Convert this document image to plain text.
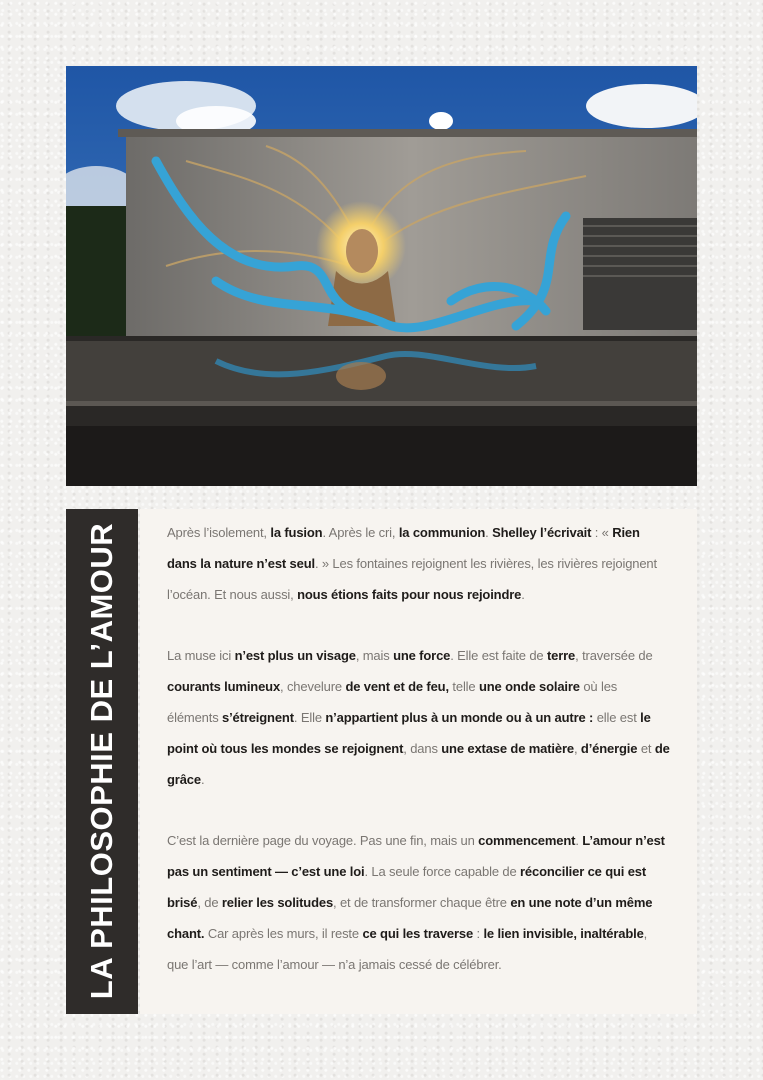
LA PHILOSOPHIE DE L’AMOUR	Après l’isolement, la fusion. Après le cri, la communion. Shelley l’écrivait : « Rien dans la nature n’est seul. » Les fontaines rejoignent les rivières, les rivières rejoignent l’océan. Et nous aussi, nous étions faits pour nous rejoindre.

La muse ici n’est plus un visage, mais une force. Elle est faite de terre, traversée de courants lumineux, chevelure de vent et de feu, telle une onde solaire où les éléments s’étreignent. Elle n’appartient plus à un monde ou à un autre : elle est le point où tous les mondes se rejoignent, dans une extase de matière, d’énergie et de grâce.

C’est la dernière page du voyage. Pas une fin, mais un commencement. L’amour n’est pas un sentiment — c’est une loi. La seule force capable de réconcilier ce qui est brisé, de relier les solitudes, et de transformer chaque être en une note d’un même chant. Car après les murs, il reste ce qui les traverse : le lien invisible, inaltérable, que l’art — comme l’amour — n’a jamais cessé de célébrer.
